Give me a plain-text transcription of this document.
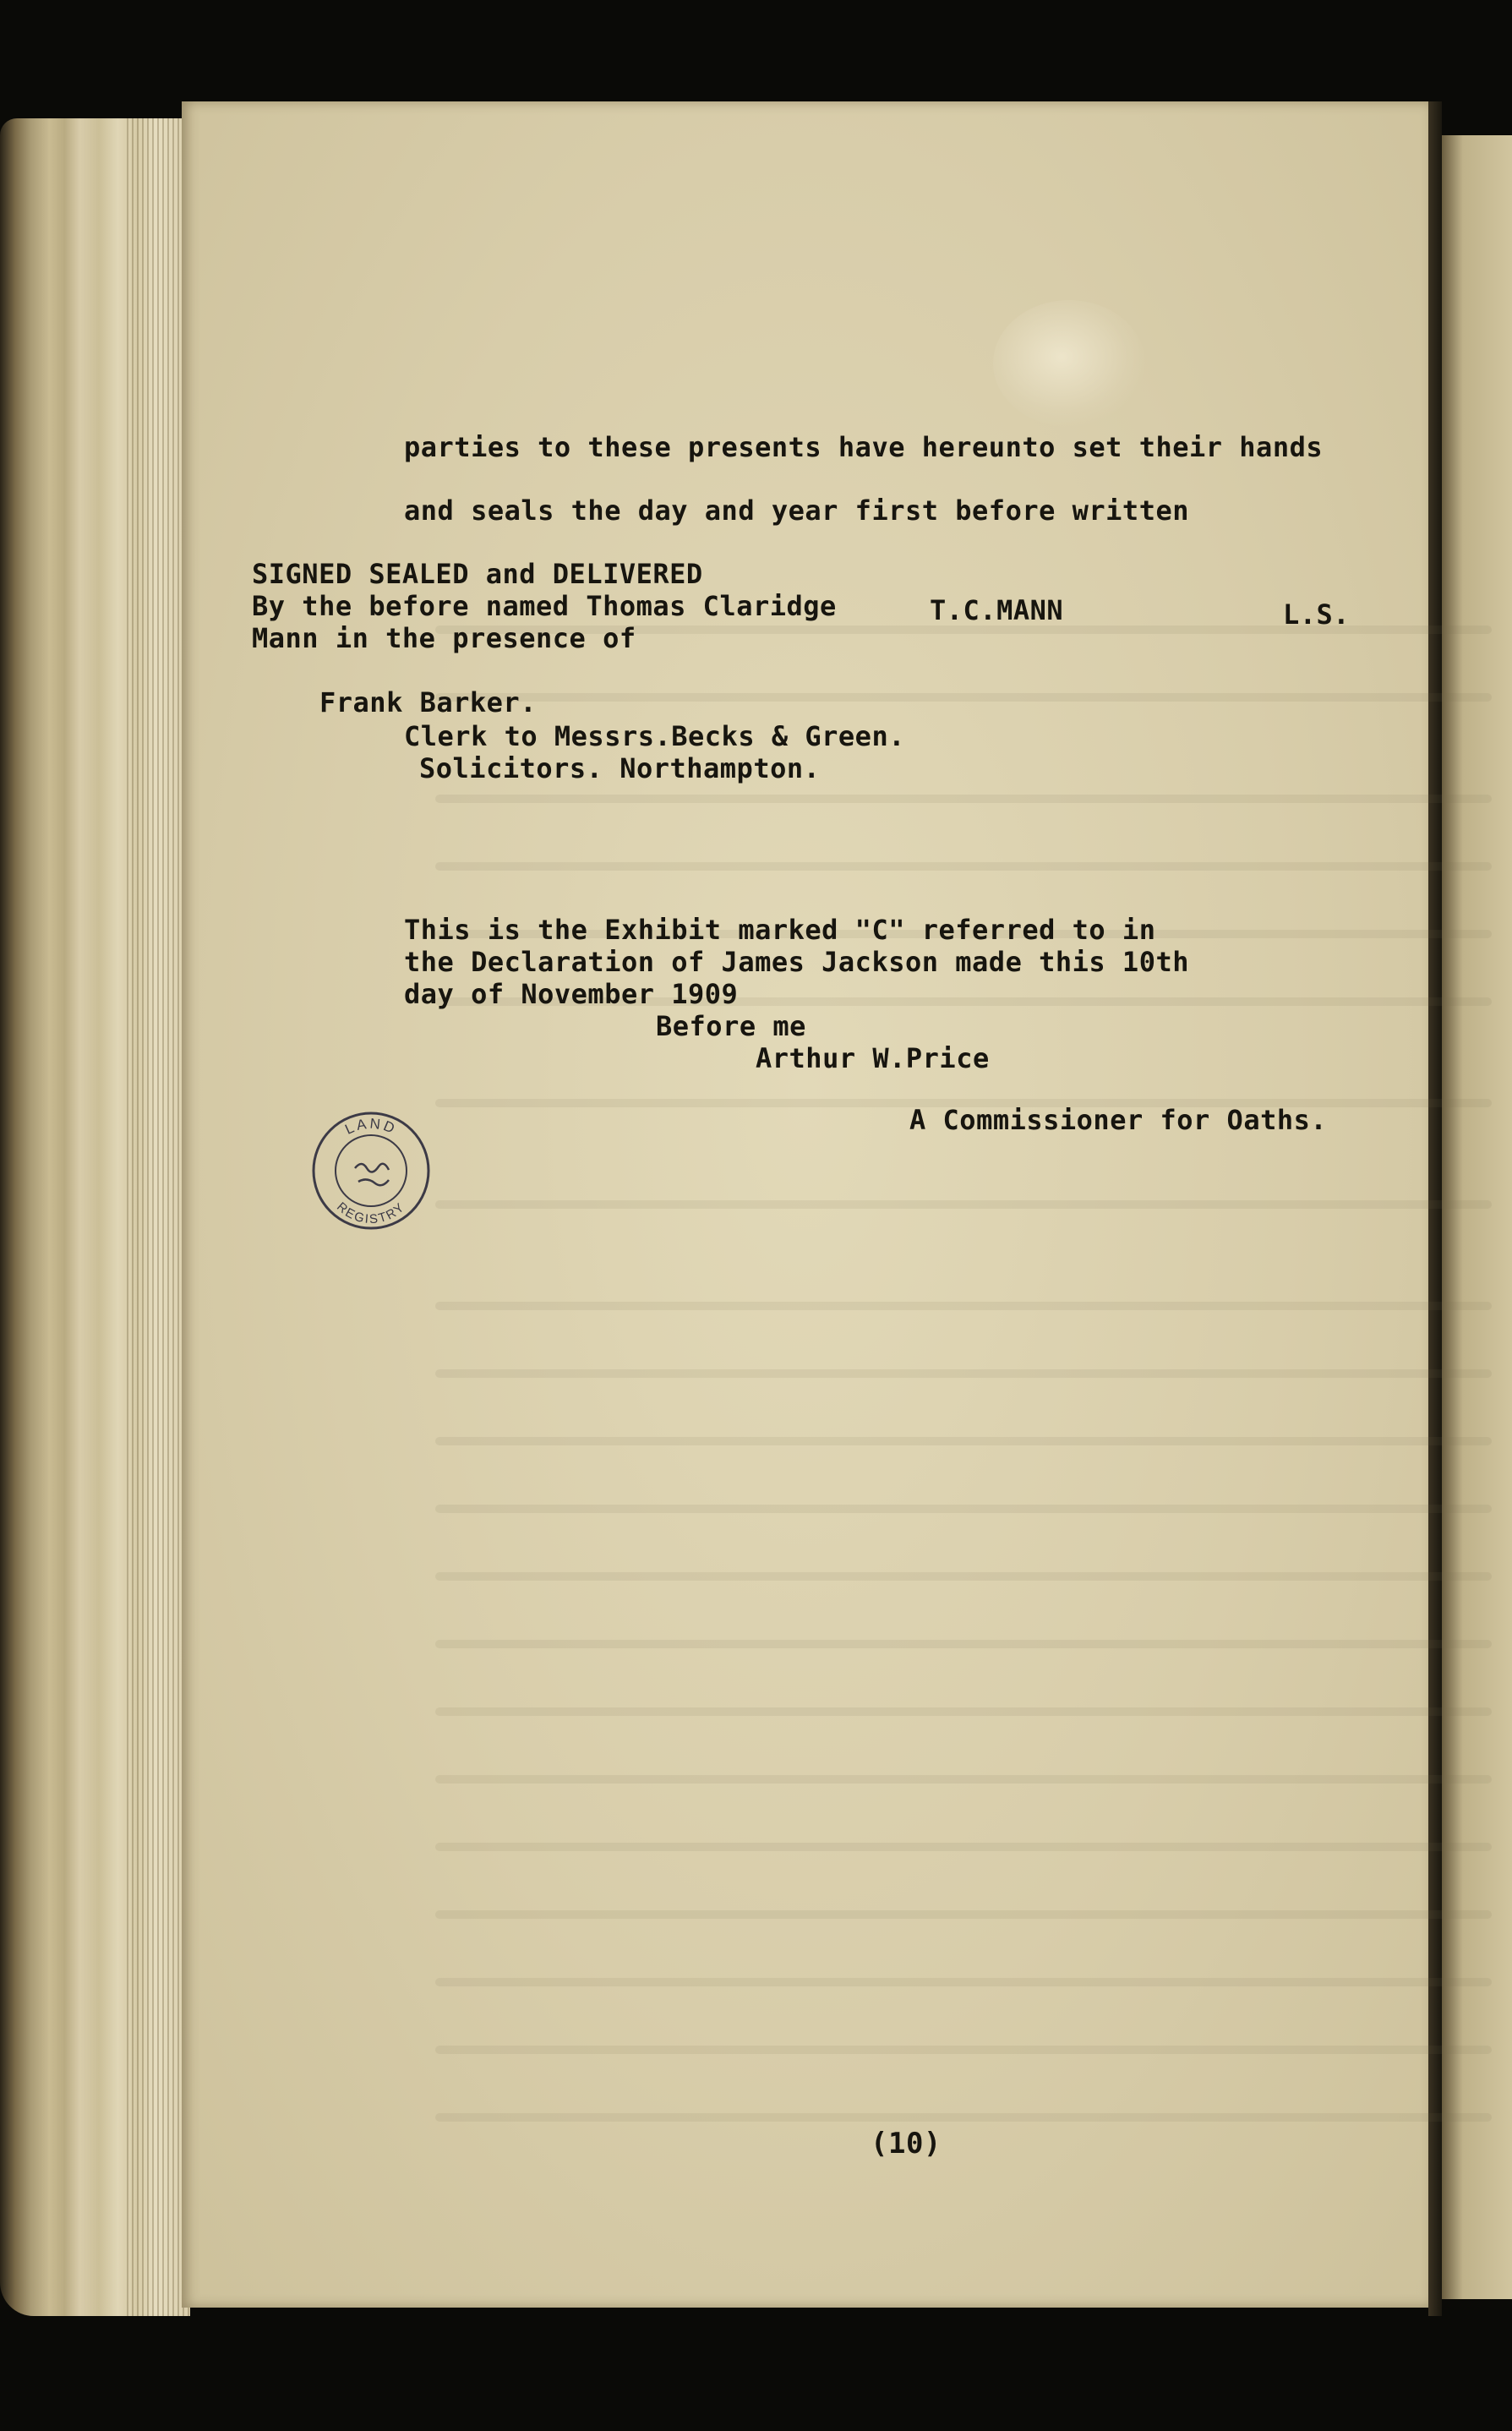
parties to these presents have hereunto set their hands
and seals the day and year first before written
SIGNED SEALED and DELIVERED
By the before named Thomas Claridge	T.C.MANN	L.S.
Mann in the presence of
Frank Barker.
Clerk to Messrs.Becks & Green.
Solicitors. Northampton.
This is the Exhibit marked "C" referred to in
the Declaration of James Jackson made this 10th
day of November 1909
Before me
Arthur W.Price
A Commissioner for Oaths.
LAND
REGISTRY
(10)
